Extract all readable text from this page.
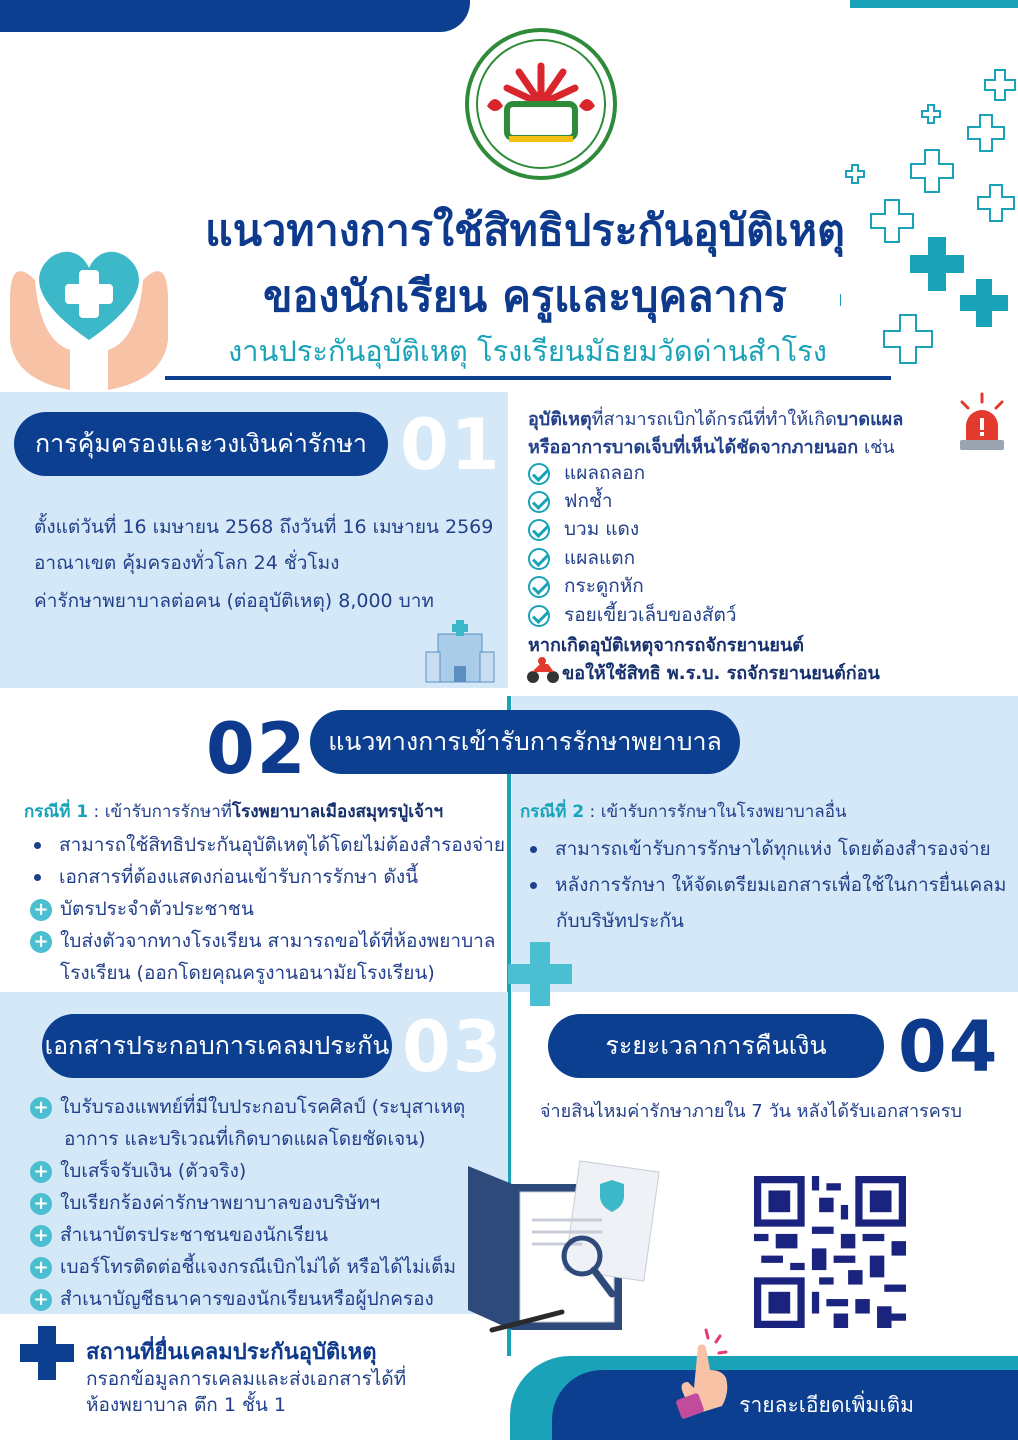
แนวทางการใช้สิทธิประกันอุบัติเหตุ
ของนักเรียน ครูและบุคลากร
งานประกันอุบัติเหตุ โรงเรียนมัธยมวัดด่านสำโรง
การคุ้มครองและวงเงินค่ารักษา 01
ตั้งแต่วันที่ 16 เมษายน 2568 ถึงวันที่ 16 เมษายน 2569
อาณาเขต คุ้มครองทั่วโลก 24 ชั่วโมง
ค่ารักษาพยาบาลต่อคน (ต่ออุบัติเหตุ) 8,000 บาท
อุบัติเหตุที่สามารถเบิกได้กรณีที่ทำให้เกิดบาดแผล
หรืออาการบาดเจ็บที่เห็นได้ชัดจากภายนอก เช่น
แผลถลอก
ฟกช้ำ
บวม แดง
แผลแตก
กระดูกหัก
รอยเขี้ยวเล็บของสัตว์
หากเกิดอุบัติเหตุจากรถจักรยานยนต์
ขอให้ใช้สิทธิ พ.ร.บ. รถจักรยานยนต์ก่อน
02 แนวทางการเข้ารับการรักษาพยาบาล
กรณีที่ 1 : เข้ารับการรักษาที่โรงพยาบาลเมืองสมุทรปู่เจ้าฯ
สามารถใช้สิทธิประกันอุบัติเหตุได้โดยไม่ต้องสำรองจ่าย
เอกสารที่ต้องแสดงก่อนเข้ารับการรักษา ดังนี้
+ บัตรประจำตัวประชาชน
+ ใบส่งตัวจากทางโรงเรียน สามารถขอได้ที่ห้องพยาบาล
โรงเรียน (ออกโดยคุณครูงานอนามัยโรงเรียน)
กรณีที่ 2 : เข้ารับการรักษาในโรงพยาบาลอื่น
สามารถเข้ารับการรักษาได้ทุกแห่ง โดยต้องสำรองจ่าย
หลังการรักษา ให้จัดเตรียมเอกสารเพื่อใช้ในการยื่นเคลม
กับบริษัทประกัน
เอกสารประกอบการเคลมประกัน 03
+ ใบรับรองแพทย์ที่มีใบประกอบโรคศิลป์ (ระบุสาเหตุ
อาการ และบริเวณที่เกิดบาดแผลโดยชัดเจน)
+ ใบเสร็จรับเงิน (ตัวจริง)
+ ใบเรียกร้องค่ารักษาพยาบาลของบริษัทฯ
+ สำเนาบัตรประชาชนของนักเรียน
+ เบอร์โทรติดต่อชี้แจงกรณีเบิกไม่ได้ หรือได้ไม่เต็ม
+ สำเนาบัญชีธนาคารของนักเรียนหรือผู้ปกครอง
ระยะเวลาการคืนเงิน	04
จ่ายสินไหมค่ารักษาภายใน 7 วัน หลังได้รับเอกสารครบ
สถานที่ยื่นเคลมประกันอุบัติเหตุ
กรอกข้อมูลการเคลมและส่งเอกสารได้ที่
ห้องพยาบาล ตึก 1 ชั้น 1	รายละเอียดเพิ่มเติม
